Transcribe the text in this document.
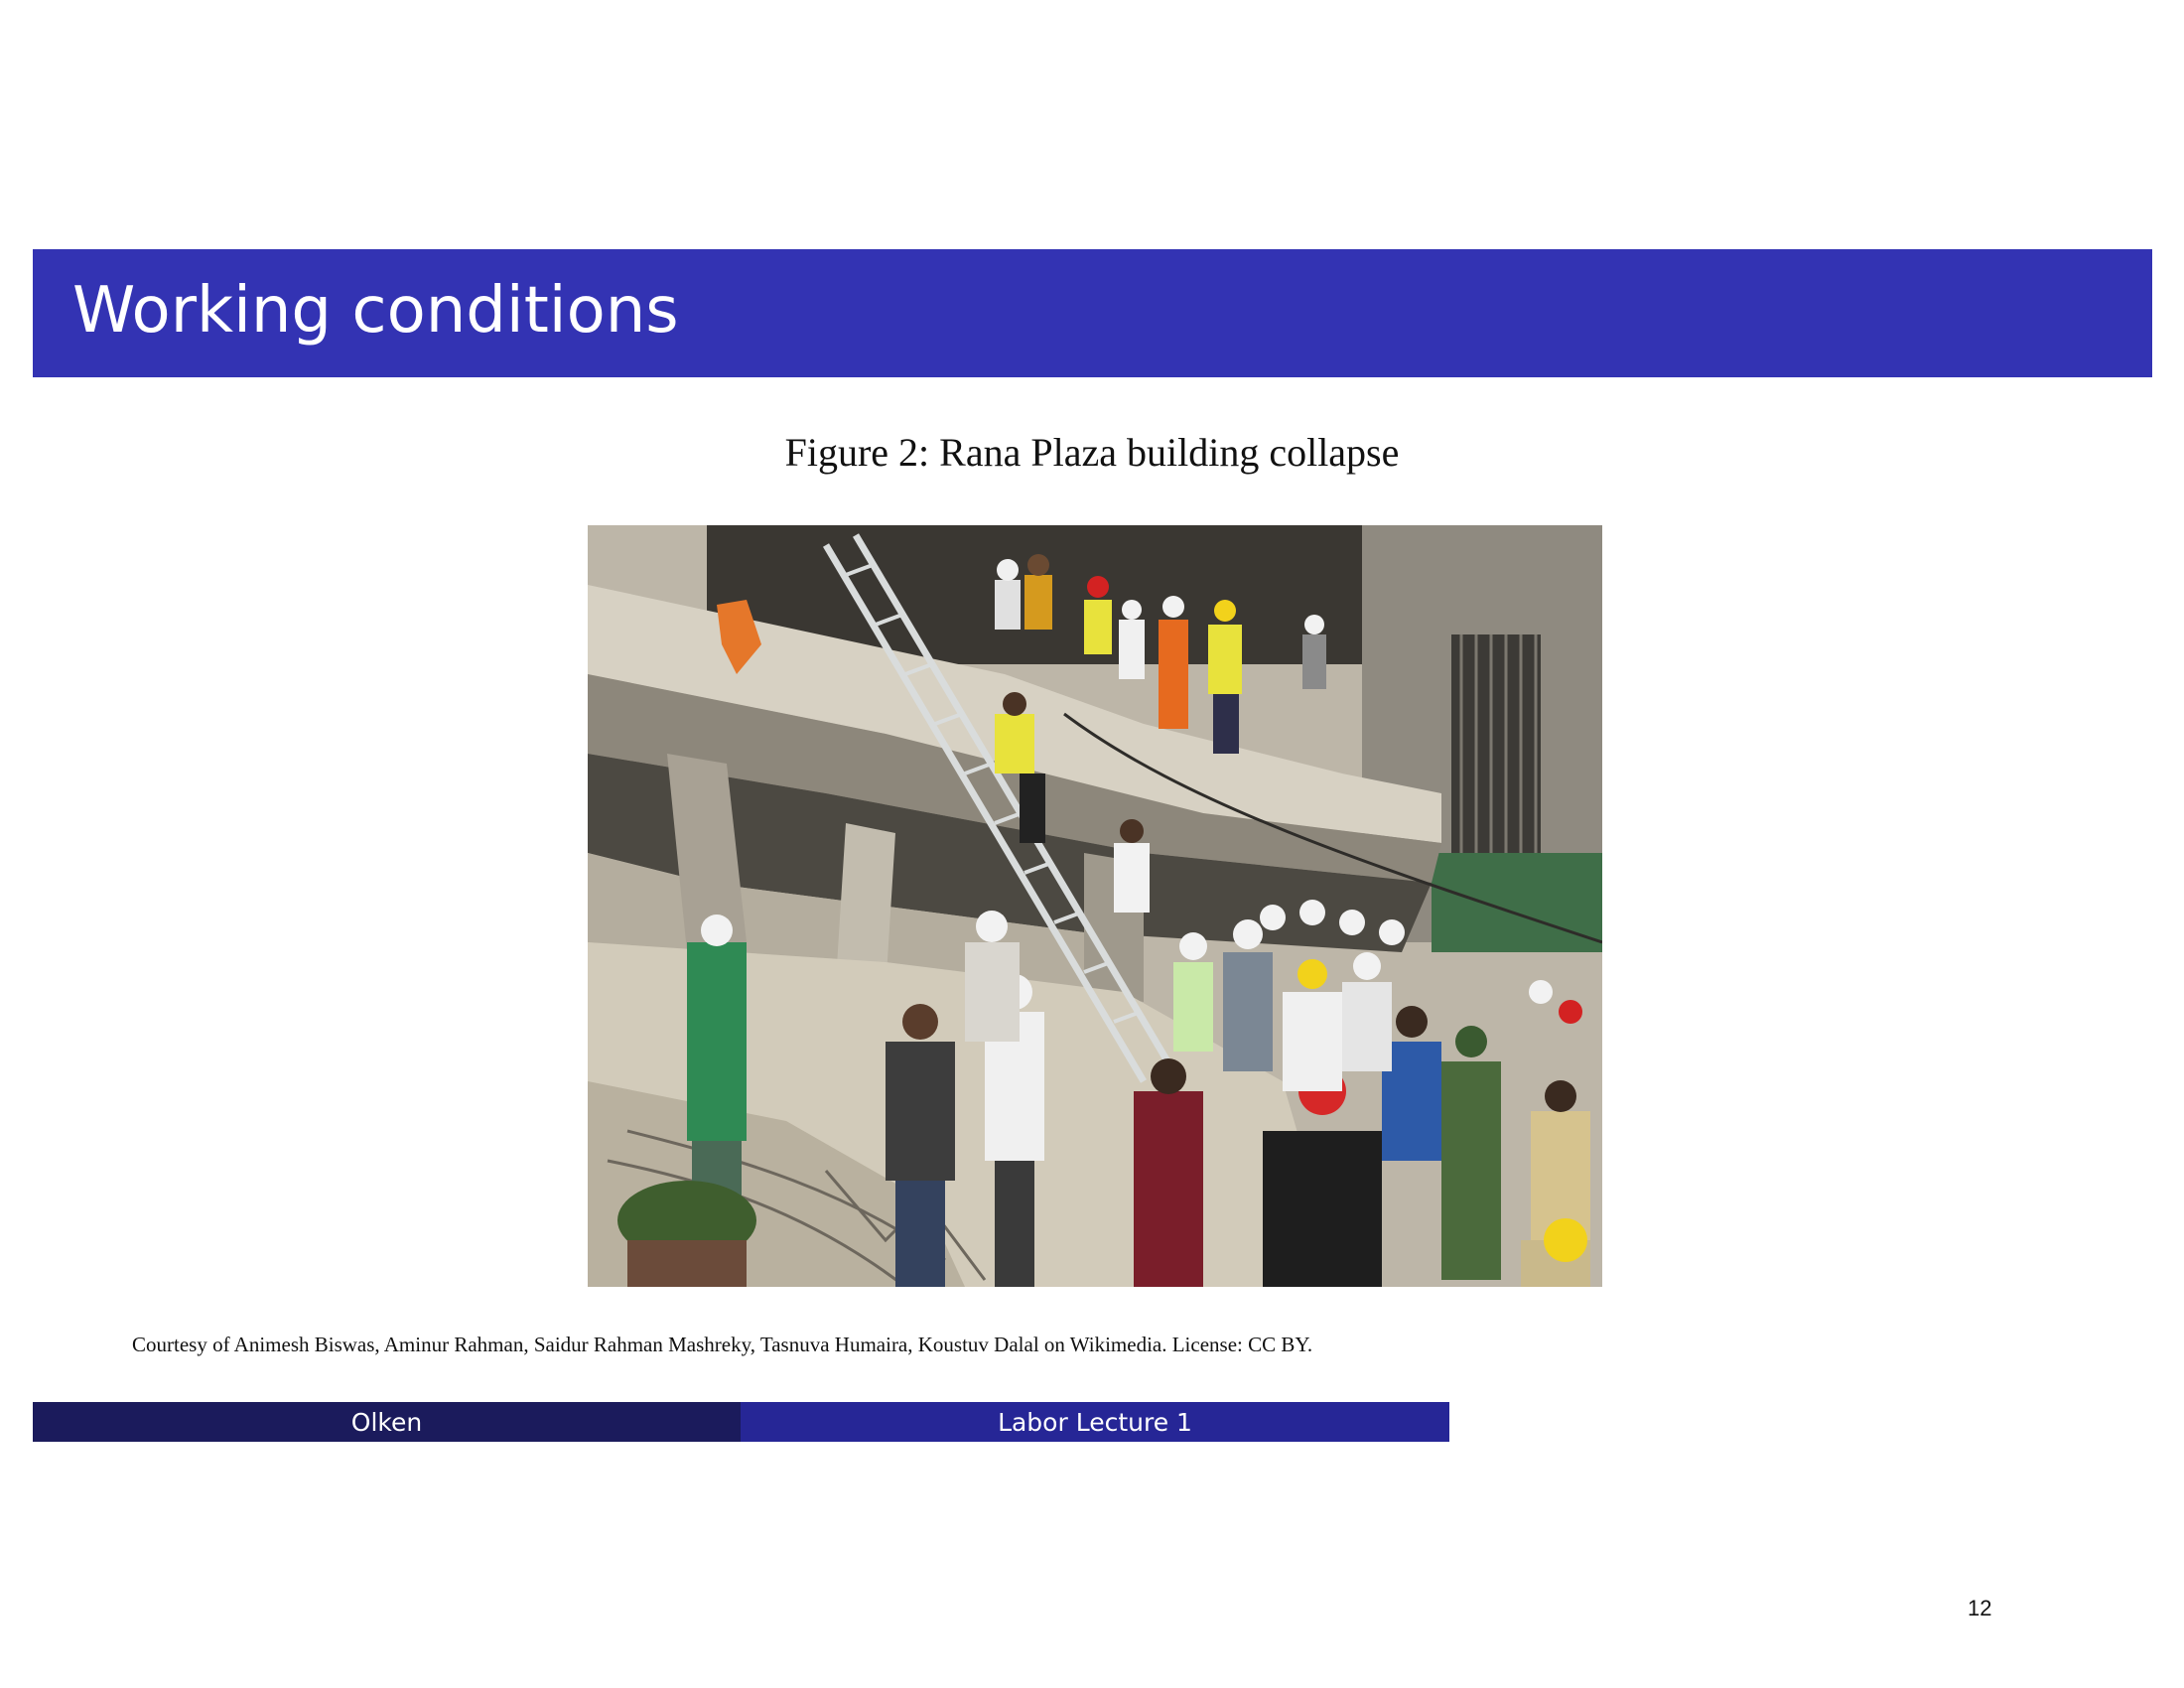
Working conditions
Figure 2: Rana Plaza building collapse
Courtesy of Animesh Biswas, Aminur Rahman, Saidur Rahman Mashreky, Tasnuva Humaira, Koustuv Dalal on Wikimedia. License: CC BY.
Olken	Labor Lecture 1
12
